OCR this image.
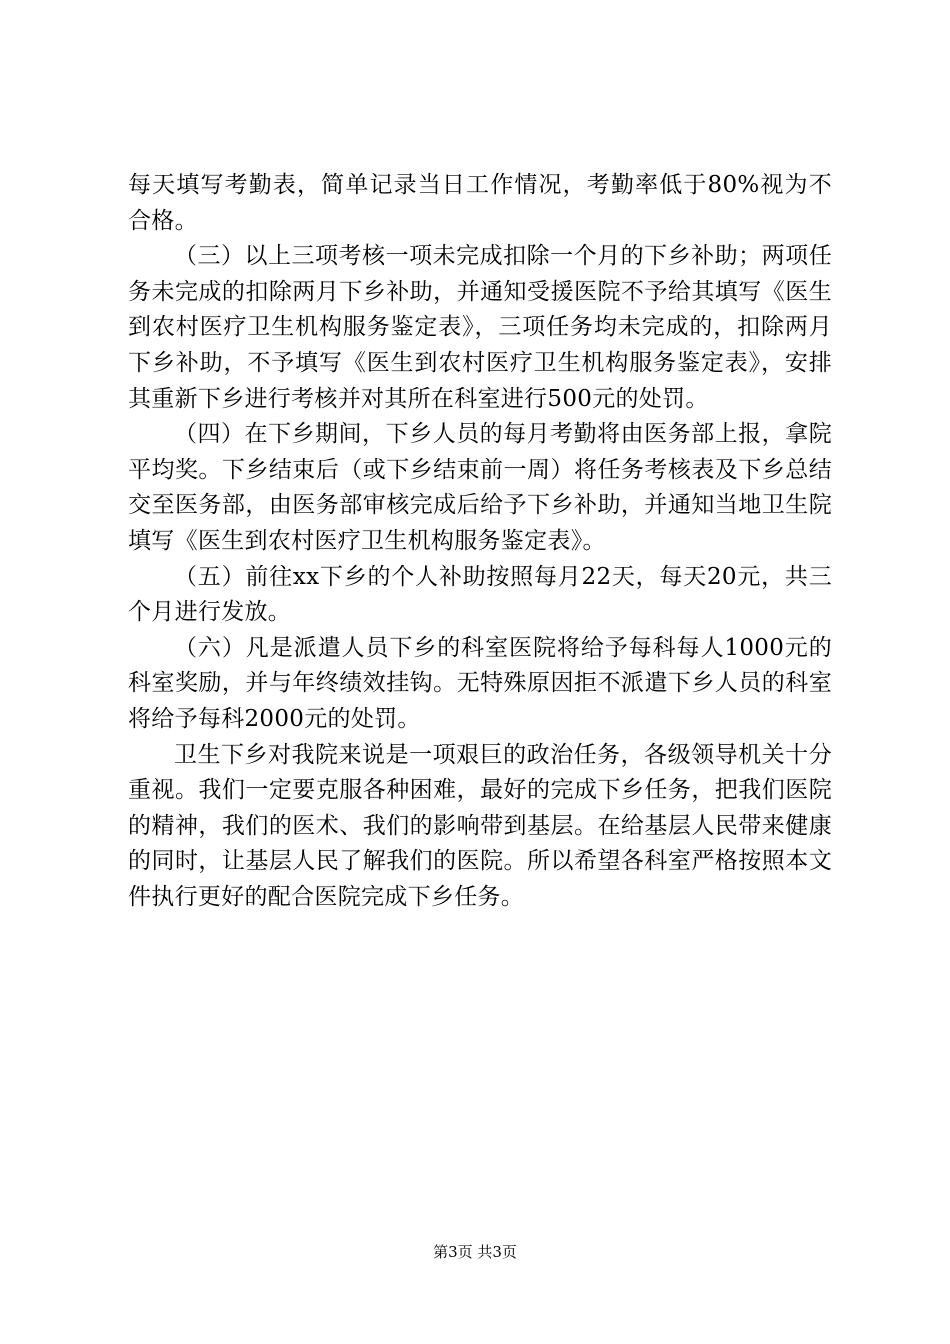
每天填写考勤表，简单记录当日工作情况，考勤率低于80%视为不合格。

（三）以上三项考核一项未完成扣除一个月的下乡补助；两项任务未完成的扣除两月下乡补助，并通知受援医院不予给其填写《医生到农村医疗卫生机构服务鉴定表》，三项任务均未完成的，扣除两月下乡补助，不予填写《医生到农村医疗卫生机构服务鉴定表》，安排其重新下乡进行考核并对其所在科室进行500元的处罚。

（四）在下乡期间，下乡人员的每月考勤将由医务部上报，拿院平均奖。下乡结束后（或下乡结束前一周）将任务考核表及下乡总结交至医务部，由医务部审核完成后给予下乡补助，并通知当地卫生院填写《医生到农村医疗卫生机构服务鉴定表》。

（五）前往xx下乡的个人补助按照每月22天，每天20元，共三个月进行发放。

（六）凡是派遣人员下乡的科室医院将给予每科每人1000元的科室奖励，并与年终绩效挂钩。无特殊原因拒不派遣下乡人员的科室将给予每科2000元的处罚。

卫生下乡对我院来说是一项艰巨的政治任务，各级领导机关十分重视。我们一定要克服各种困难，最好的完成下乡任务，把我们医院的精神，我们的医术、我们的影响带到基层。在给基层人民带来健康的同时，让基层人民了解我们的医院。所以希望各科室严格按照本文件执行更好的配合医院完成下乡任务。

第3页 共3页
